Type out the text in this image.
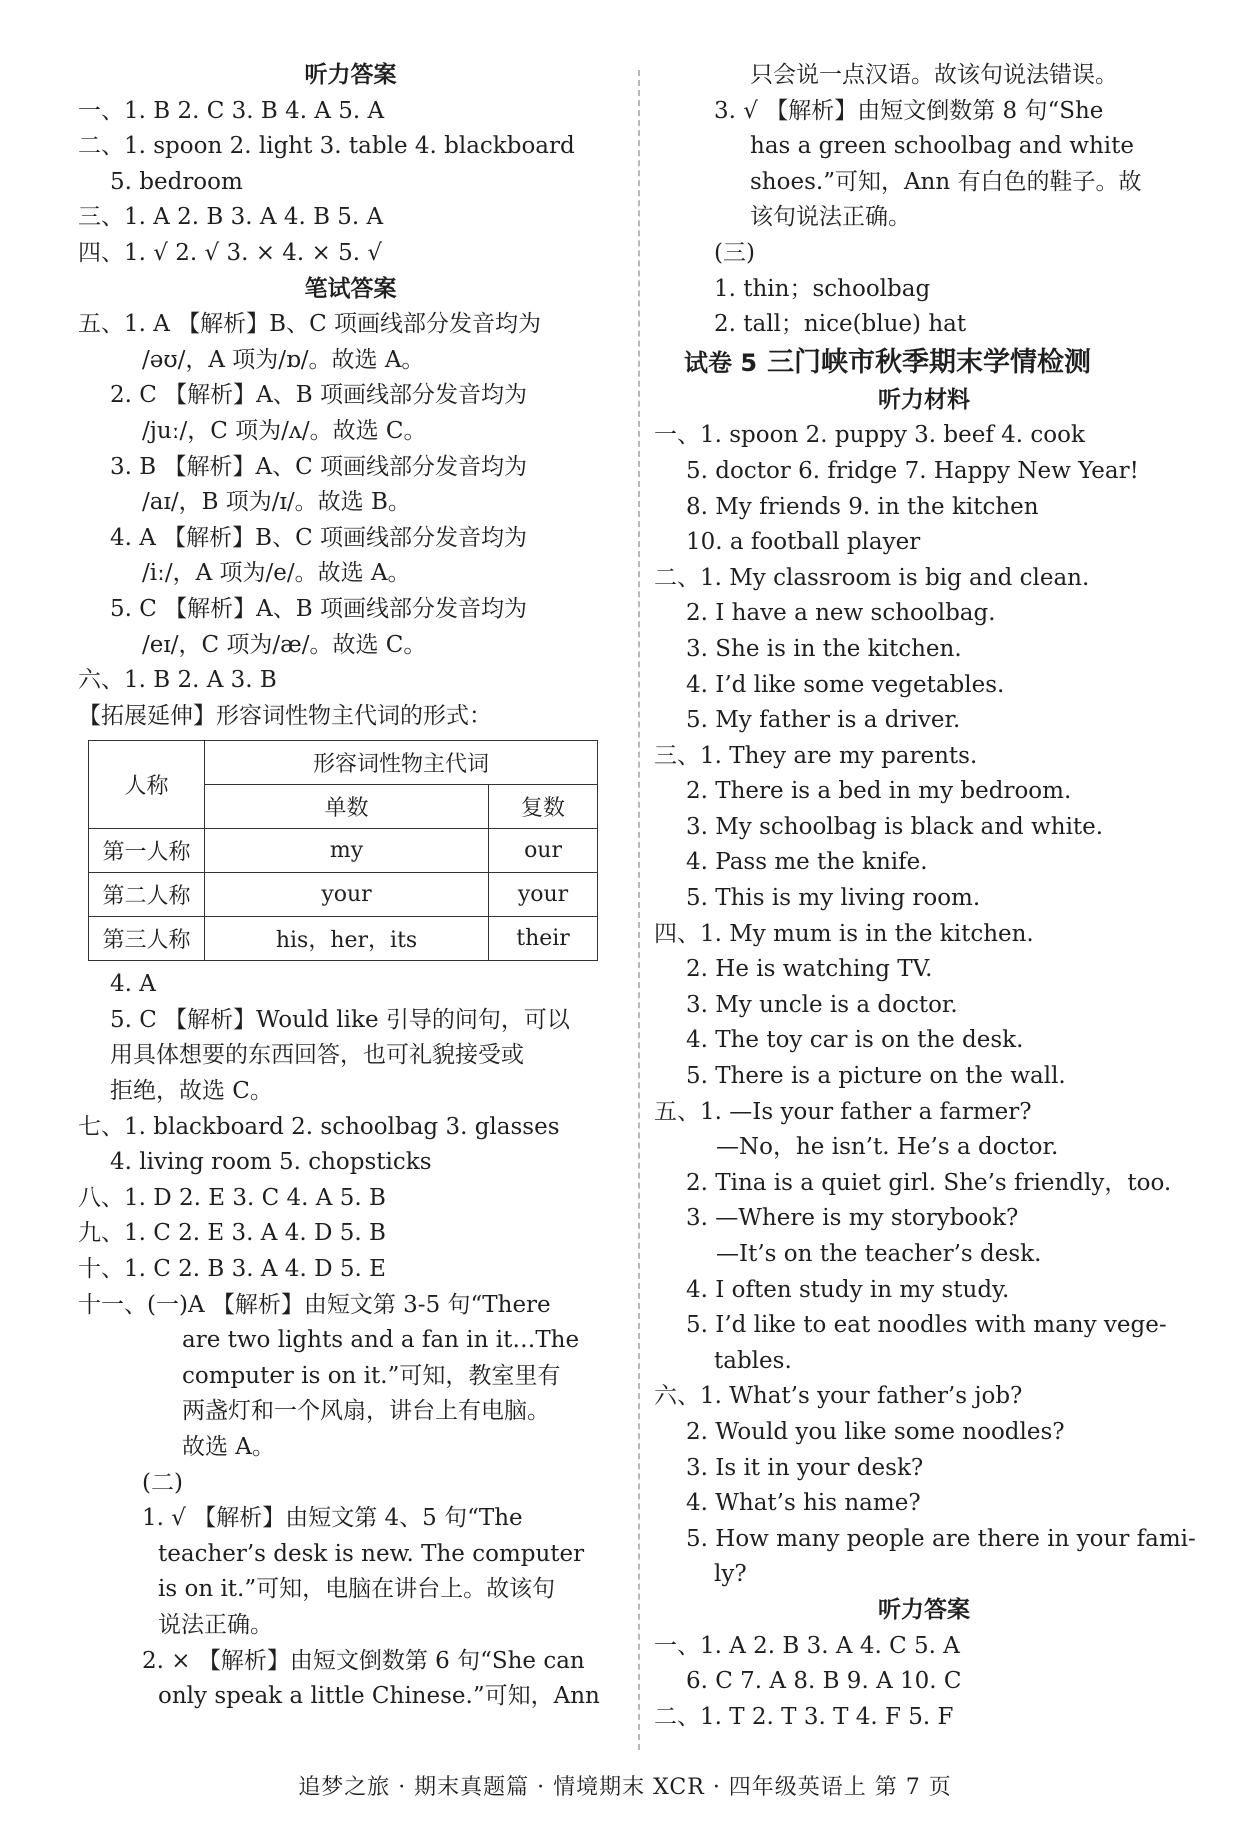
听力答案
一、1. B 2. C 3. B 4. A 5. A
二、1. spoon 2. light 3. table 4. blackboard
5. bedroom
三、1. A 2. B 3. A 4. B 5. A
四、1. √ 2. √ 3. × 4. × 5. √
笔试答案
五、1. A 【解析】B、C 项画线部分发音均为
/əʊ/，A 项为/ɒ/。故选 A。
2. C 【解析】A、B 项画线部分发音均为
/juː/，C 项为/ʌ/。故选 C。
3. B 【解析】A、C 项画线部分发音均为
/aɪ/，B 项为/ɪ/。故选 B。
4. A 【解析】B、C 项画线部分发音均为
/iː/，A 项为/e/。故选 A。
5. C 【解析】A、B 项画线部分发音均为
/eɪ/，C 项为/æ/。故选 C。
六、1. B 2. A 3. B
【拓展延伸】形容词性物主代词的形式：
人称	形容词性物主代词	
	单数	复数
第一人称	my	our
第二人称	your	your
第三人称	his，her，its	their
4. A
5. C 【解析】Would like 引导的问句，可以
用具体想要的东西回答，也可礼貌接受或
拒绝，故选 C。
七、1. blackboard 2. schoolbag 3. glasses
4. living room 5. chopsticks
八、1. D 2. E 3. C 4. A 5. B
九、1. C 2. E 3. A 4. D 5. B
十、1. C 2. B 3. A 4. D 5. E
十一、(一)A 【解析】由短文第 3-5 句“There
are two lights and a fan in it…The
computer is on it.”可知，教室里有
两盏灯和一个风扇，讲台上有电脑。
故选 A。
(二)
1. √ 【解析】由短文第 4、5 句“The
teacher’s desk is new. The computer
is on it.”可知，电脑在讲台上。故该句
说法正确。
2. × 【解析】由短文倒数第 6 句“She can
only speak a little Chinese.”可知，Ann
只会说一点汉语。故该句说法错误。
3. √ 【解析】由短文倒数第 8 句“She
has a green schoolbag and white
shoes.”可知，Ann 有白色的鞋子。故
该句说法正确。
(三)
1. thin；schoolbag
2. tall；nice(blue) hat
试卷 5 三门峡市秋季期末学情检测
听力材料
一、1. spoon 2. puppy 3. beef 4. cook
5. doctor 6. fridge 7. Happy New Year!
8. My friends 9. in the kitchen
10. a football player
二、1. My classroom is big and clean.
2. I have a new schoolbag.
3. She is in the kitchen.
4. I’d like some vegetables.
5. My father is a driver.
三、1. They are my parents.
2. There is a bed in my bedroom.
3. My schoolbag is black and white.
4. Pass me the knife.
5. This is my living room.
四、1. My mum is in the kitchen.
2. He is watching TV.
3. My uncle is a doctor.
4. The toy car is on the desk.
5. There is a picture on the wall.
五、1. —Is your father a farmer?
—No，he isn’t. He’s a doctor.
2. Tina is a quiet girl. She’s friendly，too.
3. —Where is my storybook?
—It’s on the teacher’s desk.
4. I often study in my study.
5. I’d like to eat noodles with many vege-
tables.
六、1. What’s your father’s job?
2. Would you like some noodles?
3. Is it in your desk?
4. What’s his name?
5. How many people are there in your fami-
ly?
听力答案
一、1. A 2. B 3. A 4. C 5. A
6. C 7. A 8. B 9. A 10. C
二、1. T 2. T 3. T 4. F 5. F
追梦之旅 · 期末真题篇 · 情境期末 XCR · 四年级英语上 第 7 页
